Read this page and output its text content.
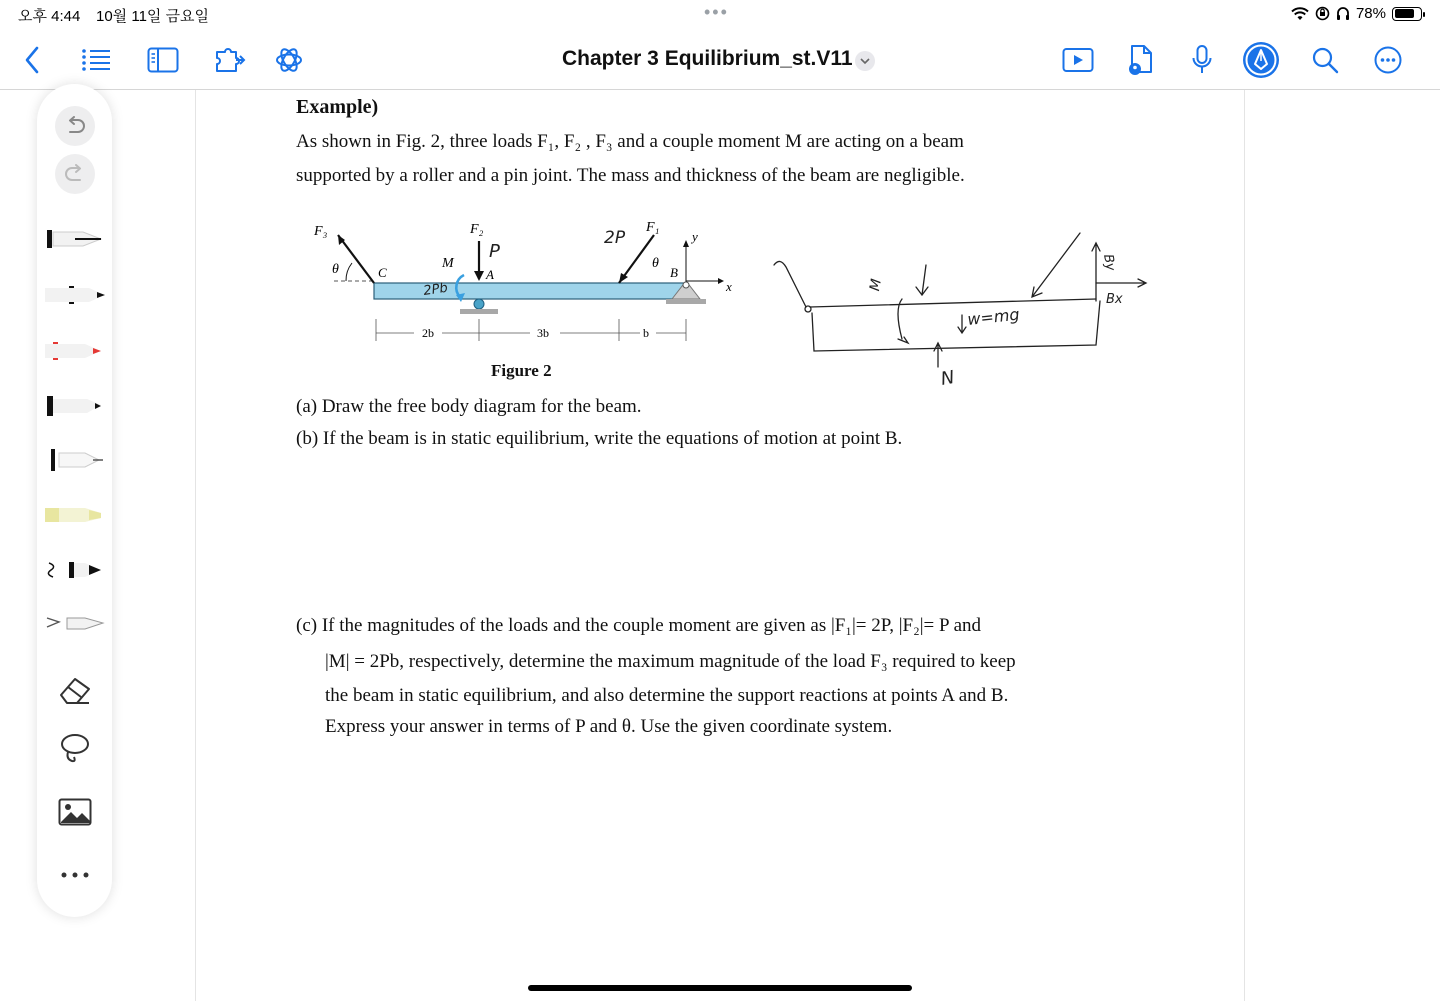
오후 4:44 10월 11일 금요일	•••	78%
Chapter 3 Equilibrium_st.V11
Example)
As shown in Fig. 2, three loads F₁, F₂ , F₃ and a couple moment M are acting on a beam
supported by a roller and a pin joint. The mass and thickness of the beam are negligible.
F₃
θ	C	A
F₂
M
F₁
θ
B
x
y
2b	3b	b
P
2P
2Pb	M
w=mg
N
By
Bx
Figure 2
(a) Draw the free body diagram for the beam.
(b) If the beam is in static equilibrium, write the equations of motion at point B.
(c) If the magnitudes of the loads and the couple moment are given as |F₁|= 2P, |F₂|= P and
|M| = 2Pb, respectively, determine the maximum magnitude of the load F₃ required to keep
the beam in static equilibrium, and also determine the support reactions at points A and B.
Express your answer in terms of P and θ. Use the given coordinate system.
